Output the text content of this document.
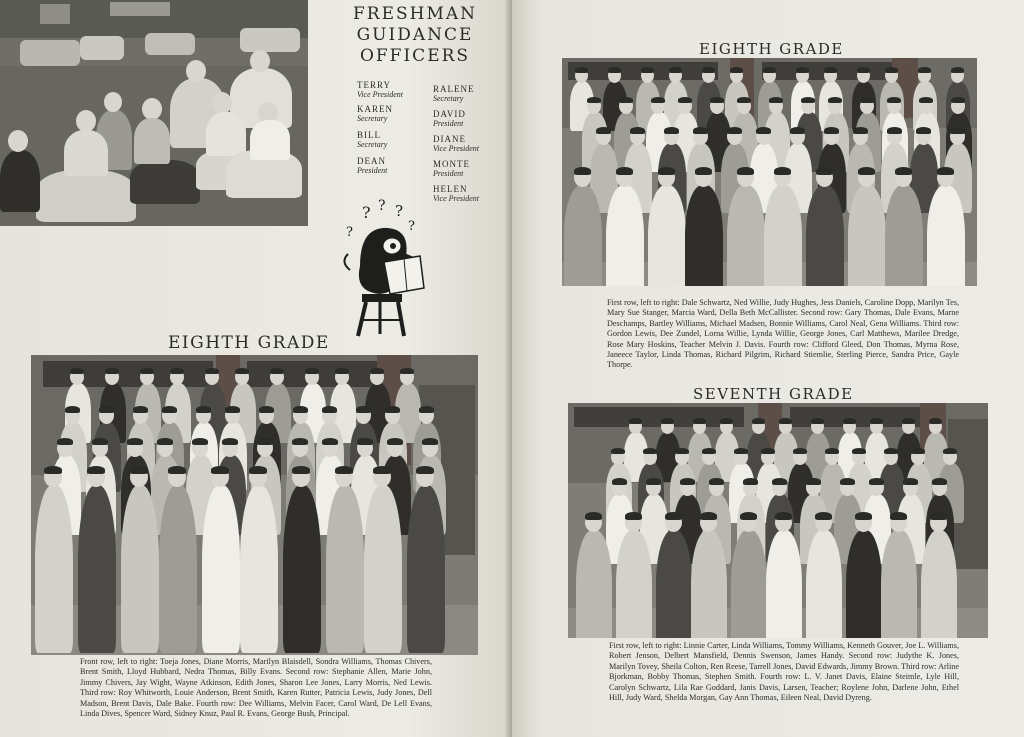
FRESHMAN
GUIDANCE
OFFICERS
TERRY
Vice President
KAREN
Secretary
BILL
Secretary
DEAN
President
RALENE
Secretary
DAVID
President
DIANE
Vice President
MONTE
President
HELEN
Vice President
? ? ?
?
?
EIGHTH GRADE
Front row, left to right: Toeja Jones, Diane Morris, Marilyn Blaisdell, Sondra Williams, Thomas Chivers, Brent Smith, Lloyd Hubbard, Nedra Thomas, Billy Evans. Second row: Stephanie Allen, Marie John, Jimmy Chivers, Jay Wight, Wayne Atkinson, Edith Jones, Sharon Lee Jones, Larry Morris, Ned Lewis. Third row: Roy Whitworth, Louie Anderson, Brent Smith, Karen Rutter, Patricia Lewis, Judy Jones, Dell Madson, Brent Davis, Dale Bake. Fourth row: Dee Williams, Melvin Facer, Carol Ward, De Lell Evans, Linda Dives, Spencer Ward, Sidney Knuz, Paul R. Evans, George Bush, Principal.
EIGHTH GRADE
First row, left to right: Dale Schwartz, Ned Willie, Judy Hughes, Jess Daniels, Caroline Dopp, Marilyn Tes, Mary Sue Stanger, Marcia Ward, Della Beth McCallister. Second row: Gary Thomas, Dale Evans, Marne Deschamps, Bartley Williams, Michael Madsen, Bonnie Williams, Carol Neal, Gena Williams. Third row: Gordon Lewis, Dee Zundel, Lorna Willie, Lynda Willie, George Jones, Carl Matthews, Marilee Dredge, Rose Mary Hoskins, Teacher Melvin J. Davis. Fourth row: Clifford Gleed, Don Thomas, Myrna Rose, Janeece Taylor, Linda Thomas, Richard Pilgrim, Richard Stiemlie, Sterling Pierce, Sandra Price, Gayle Thorpe.
SEVENTH GRADE
First row, left to right: Linnie Carter, Linda Williams, Tommy Williams, Kenneth Gouver, Joe L. Williams, Robert Jenson, Delbert Mansfield, Dennis Swenson, James Handy. Second row: Judythe K. Jones, Marilyn Tovey, Sheila Colton, Ren Reese, Tarrell Jones, David Edwards, Jimmy Brown. Third row: Arline Bjorkman, Bobby Thomas, Stephen Smith. Fourth row: L. V. Janet Davis, Elaine Steimle, Lyle Hill, Carolyn Schwartz, Lila Rae Goddard, Janis Davis, Larsen, Teacher; Roylene John, Darlene John, Ethel Hill, Judy Ward, Shelda Morgan, Gay Ann Thomas, Eileen Neal, David Dyreng.
